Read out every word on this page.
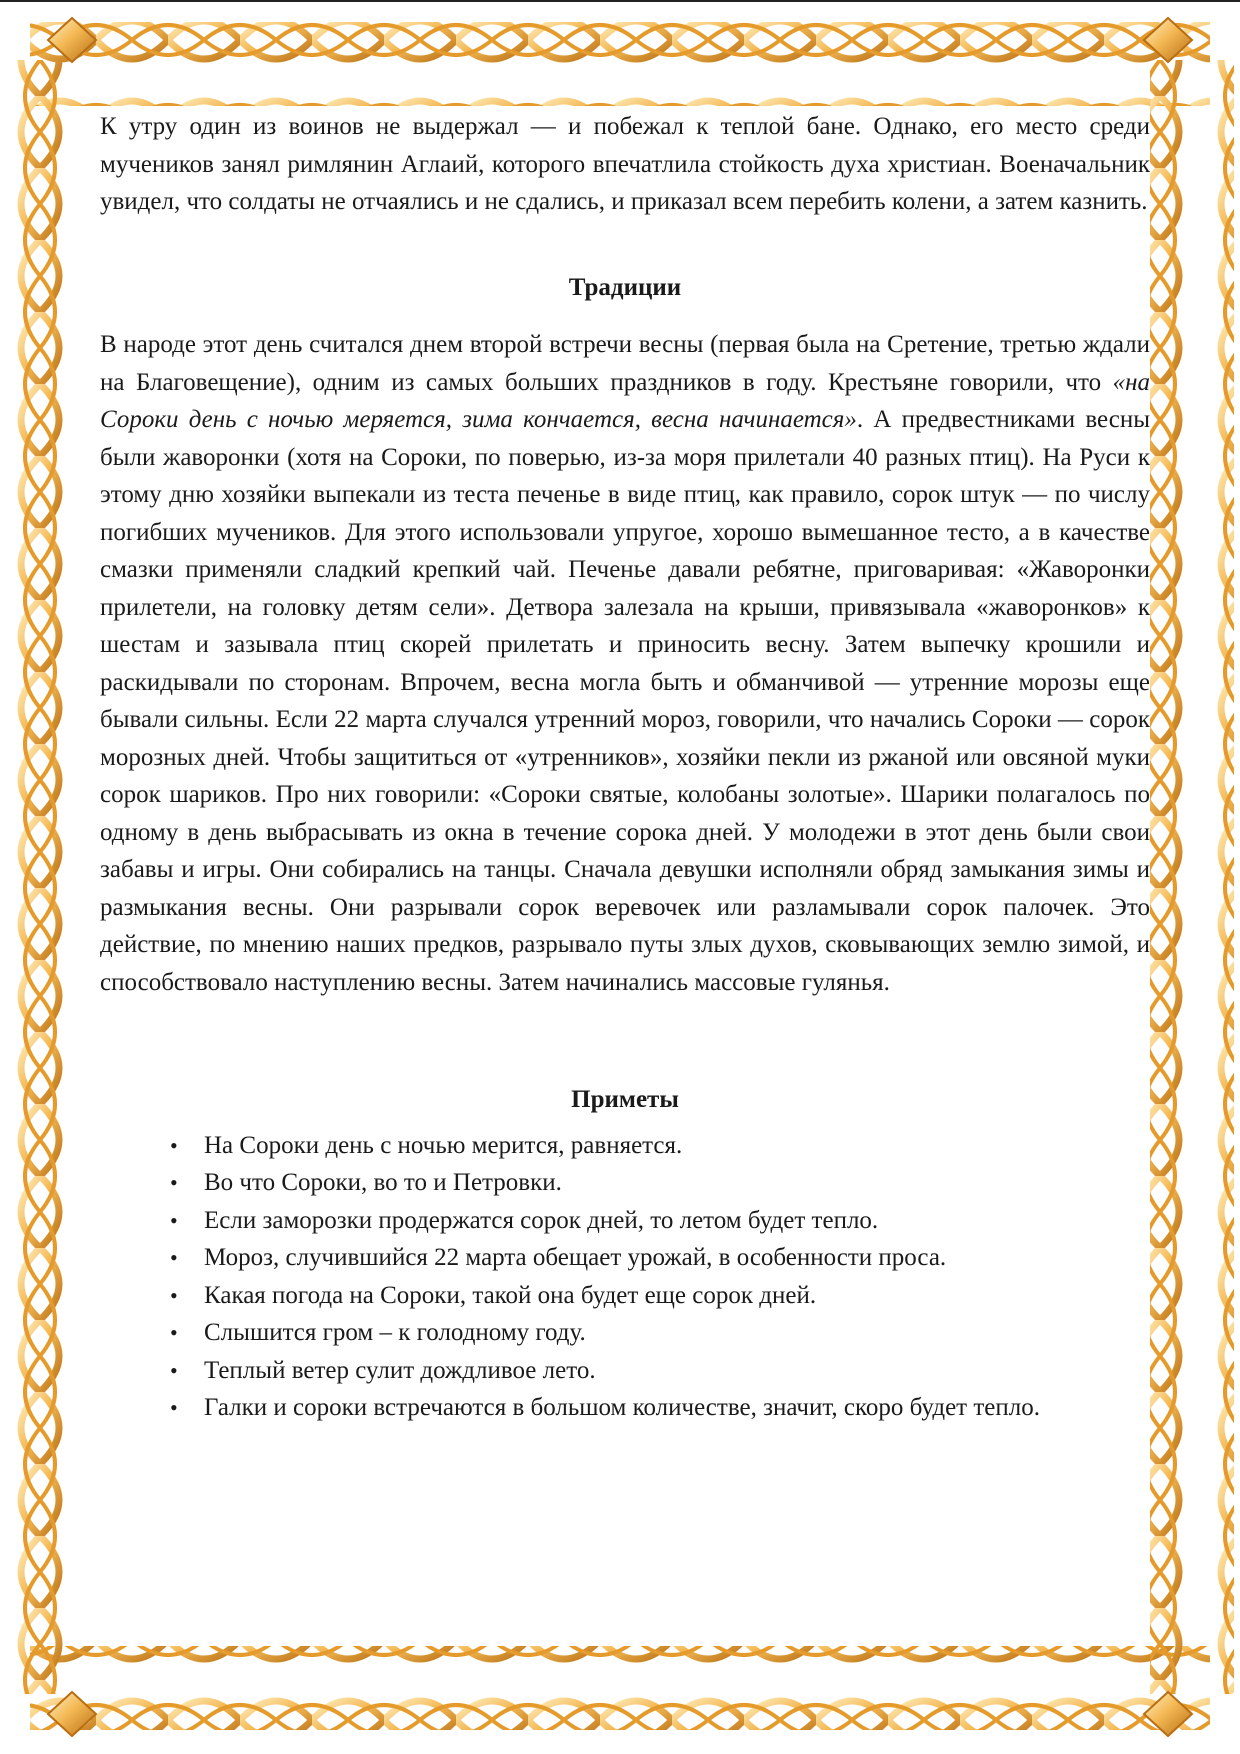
К утру один из воинов не выдержал — и побежал к теплой бане. Однако, его место среди мучеников занял римлянин Аглаий, которого впечатлила стойкость духа христиан. Военачальник увидел, что солдаты не отчаялись и не сдались, и приказал всем перебить колени, а затем казнить.

Традиции

В народе этот день считался днем второй встречи весны (первая была на Сретение, третью ждали на Благовещение), одним из самых больших праздников в году. Крестьяне говорили, что «на Сороки день с ночью меряется, зима кончается, весна начинается». А предвестниками весны были жаворонки (хотя на Сороки, по поверью, из-за моря прилетали 40 разных птиц). На Руси к этому дню хозяйки выпекали из теста печенье в виде птиц, как правило, сорок штук — по числу погибших мучеников. Для этого использовали упругое, хорошо вымешанное тесто, а в качестве смазки применяли сладкий крепкий чай. Печенье давали ребятне, приговаривая: «Жаворонки прилетели, на головку детям сели». Детвора залезала на крыши, привязывала «жаворонков» к шестам и зазывала птиц скорей прилетать и приносить весну. Затем выпечку крошили и раскидывали по сторонам. Впрочем, весна могла быть и обманчивой — утренние морозы еще бывали сильны. Если 22 марта случался утренний мороз, говорили, что начались Сороки — сорок морозных дней. Чтобы защититься от «утренников», хозяйки пекли из ржаной или овсяной муки сорок шариков. Про них говорили: «Сороки святые, колобаны золотые». Шарики полагалось по одному в день выбрасывать из окна в течение сорока дней. У молодежи в этот день были свои забавы и игры. Они собирались на танцы. Сначала девушки исполняли обряд замыкания зимы и размыкания весны. Они разрывали сорок веревочек или разламывали сорок палочек. Это действие, по мнению наших предков, разрывало путы злых духов, сковывающих землю зимой, и способствовало наступлению весны. Затем начинались массовые гулянья.

Приметы
• На Сороки день с ночью мерится, равняется.
• Во что Сороки, во то и Петровки.
• Если заморозки продержатся сорок дней, то летом будет тепло.
• Мороз, случившийся 22 марта обещает урожай, в особенности проса.
• Какая погода на Сороки, такой она будет еще сорок дней.
• Слышится гром – к голодному году.
• Теплый ветер сулит дождливое лето.
• Галки и сороки встречаются в большом количестве, значит, скоро будет тепло.
